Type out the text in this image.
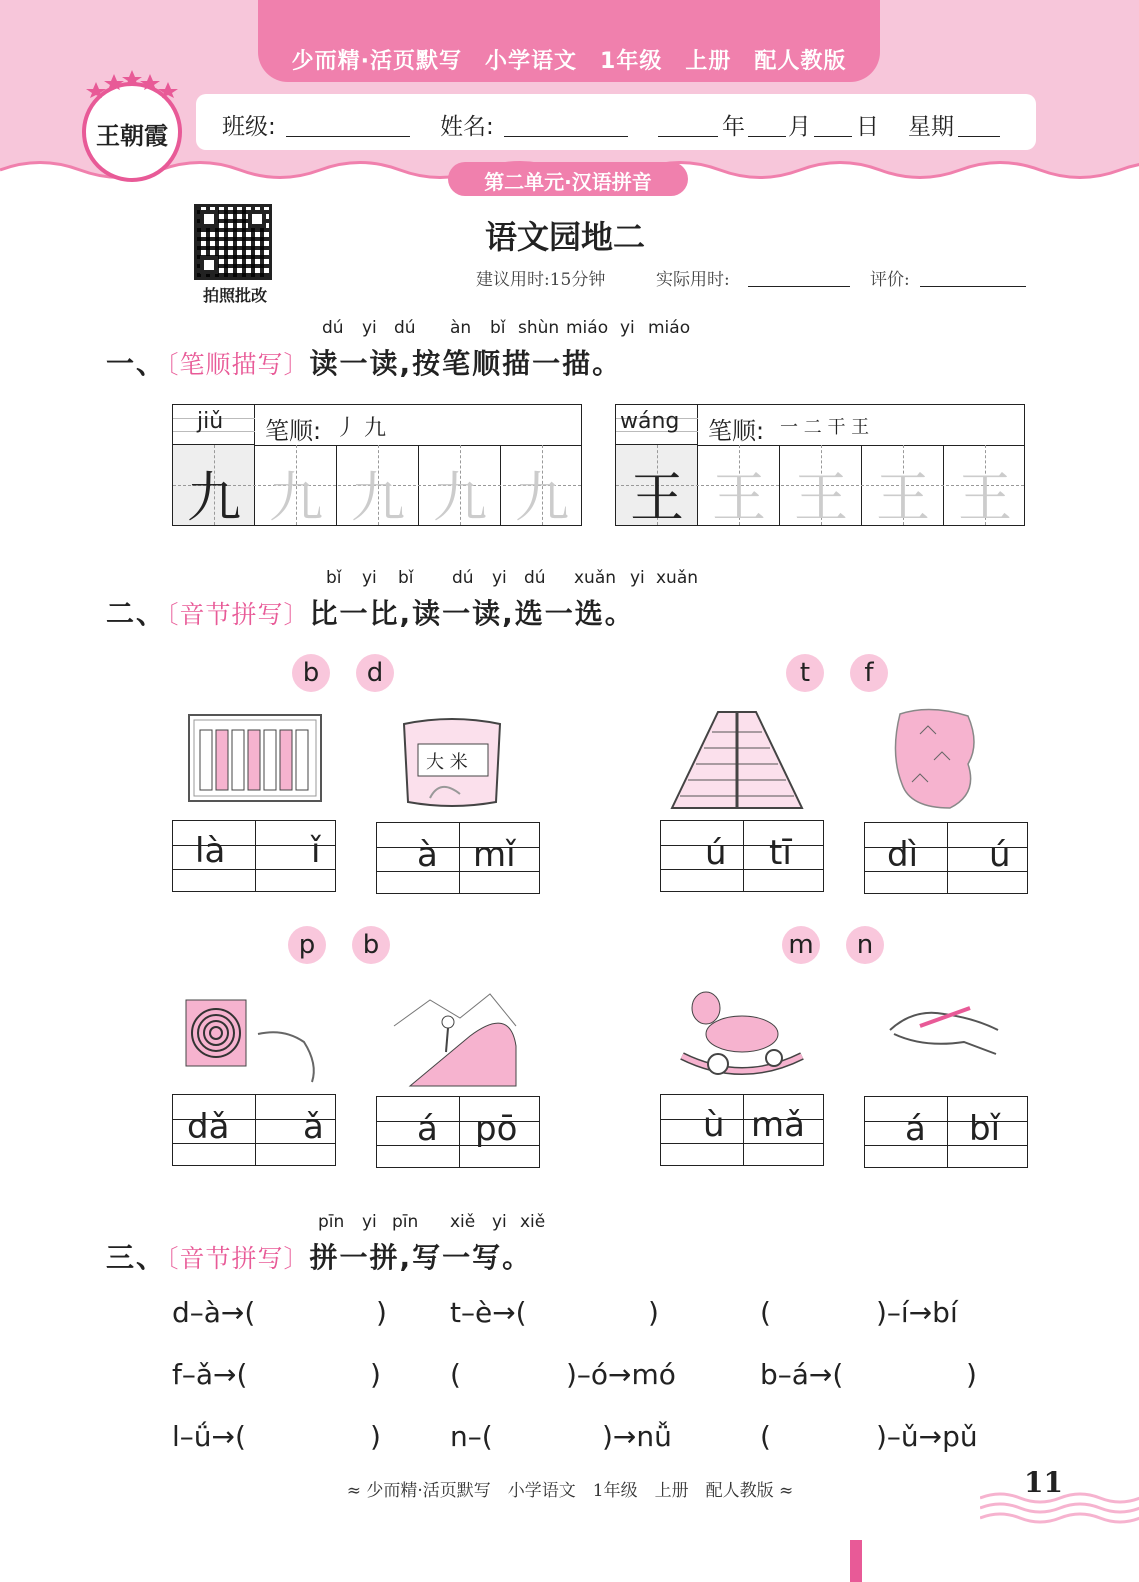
少而精·活页默写　小学语文　1年级　上册　配人教版
班级:	姓名:	年 月 日 星期
王朝霞
第二单元·汉语拼音
拍照批改
语文园地二
建议用时:15分钟	实际用时:	评价:
dú yi dú àn bǐ shùn miáo yi miáo
一、〔笔顺描写〕读一读,按笔顺描一描。
jiǔ 笔顺: 丿 九
九 九 九 九 九
wáng 笔顺: 一 二 干 王
王 王 王 王 王
bǐ yi bǐ dú yi dú xuǎn yi xuǎn
二、〔音节拼写〕比一比,读一读,选一选。
b	d
大 米
là	ǐ	à mǐ
t	f
ú tī	dì ú
p	b
dǎ ǎ	á pō
m	n
ù mǎ	á bǐ
pīn yi pīn xiě yi xiě
三、〔音节拼写〕拼一拼,写一写。
d–à→(	) t–è→(	)	(	)–í→bí
f–ǎ→(	) (	)–ó→mó	b–á→(	)
l–ǘ→(	) n–(	)→nǚ	(	)–ǔ→pǔ
≈ 少而精·活页默写　小学语文　1年级　上册　配人教版 ≈	11
